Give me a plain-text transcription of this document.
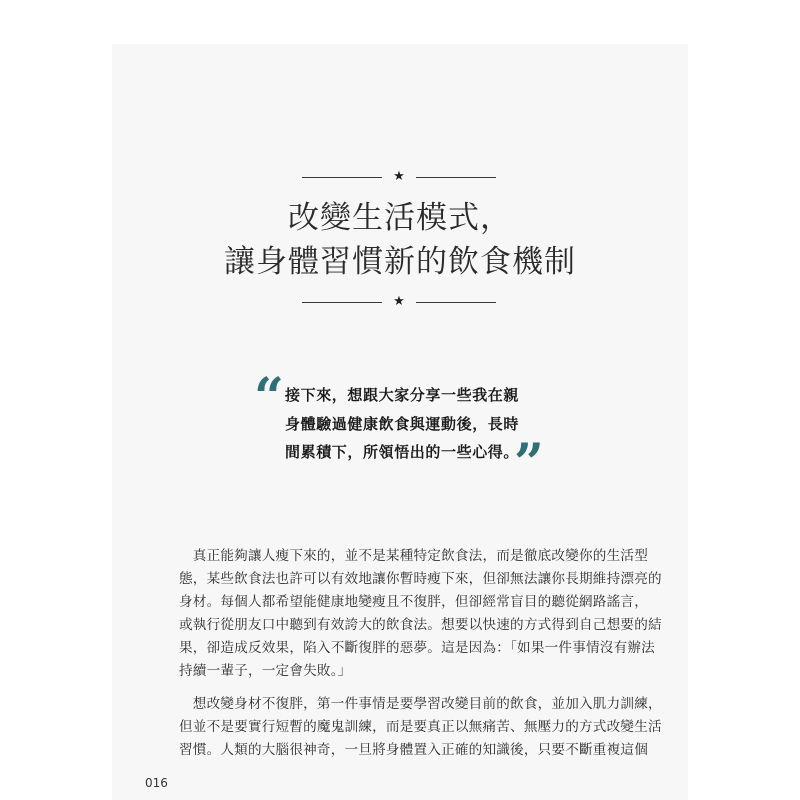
★
改變生活模式，
讓身體習慣新的飲食機制
★
“ 接下來，想跟大家分享一些我在親
身體驗過健康飲食與運動後，長時
間累積下，所領悟出的一些心得。
”
　真正能夠讓人瘦下來的，並不是某種特定飲食法，而是徹底改變你的生活型
態，某些飲食法也許可以有效地讓你暫時瘦下來，但卻無法讓你長期維持漂亮的
身材。每個人都希望能健康地變瘦且不復胖，但卻經常盲目的聽從網路謠言，
或執行從朋友口中聽到有效誇大的飲食法。想要以快速的方式得到自己想要的結
果，卻造成反效果，陷入不斷復胖的惡夢。這是因為：「如果一件事情沒有辦法
持續一輩子，一定會失敗。」
　想改變身材不復胖，第一件事情是要學習改變目前的飲食，並加入肌力訓練，
但並不是要實行短暫的魔鬼訓練，而是要真正以無痛苦、無壓力的方式改變生活
習慣。人類的大腦很神奇，一旦將身體置入正確的知識後，只要不斷重複這個
016
